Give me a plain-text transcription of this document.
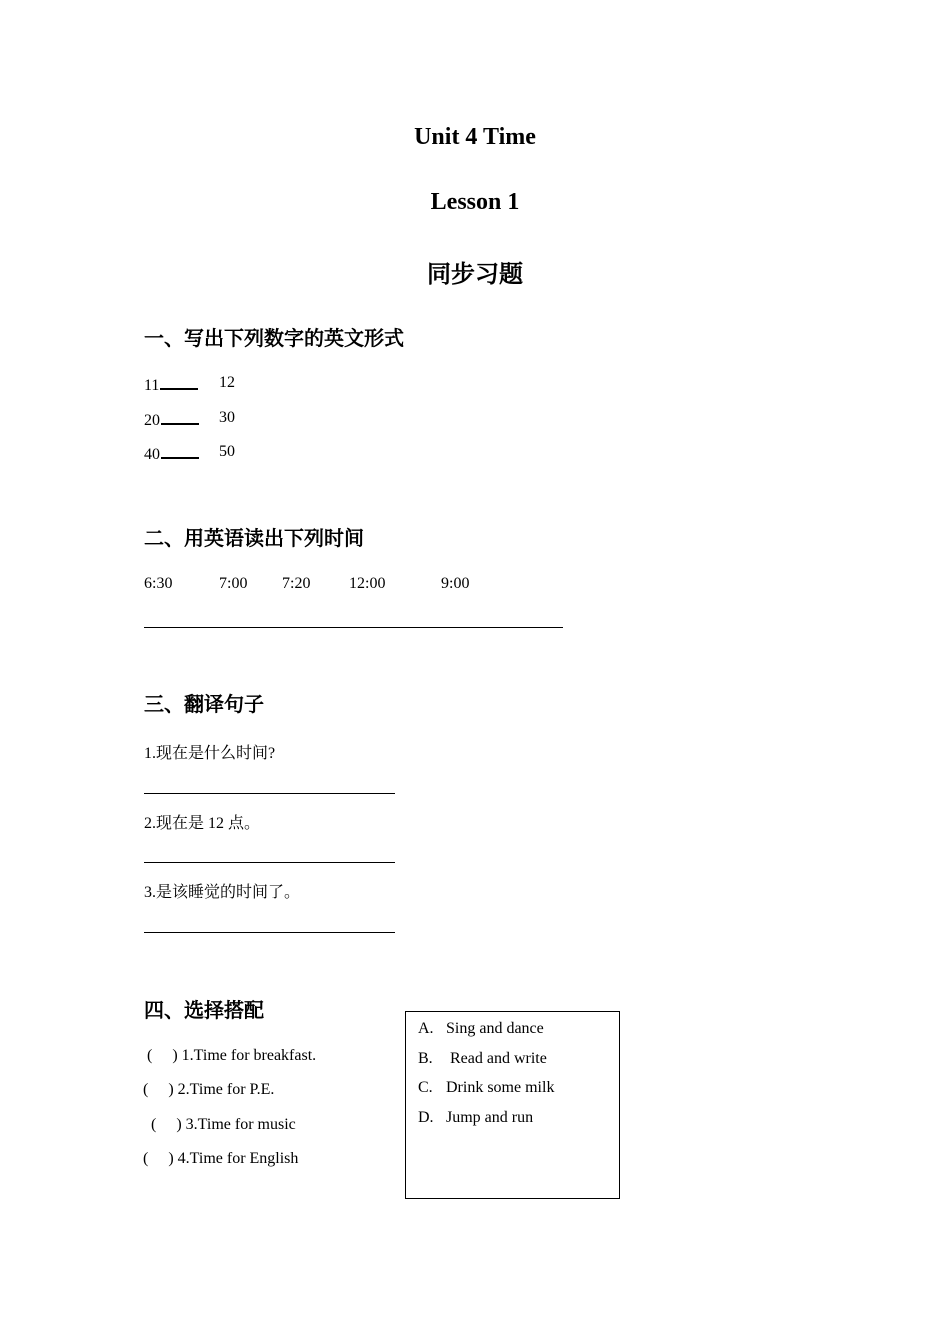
Unit 4 Time
Lesson 1
同步习题
一、写出下列数字的英文形式
11	12
20	30
40	50
二、用英语读出下列时间
6:30	7:00 7:20 12:00	9:00
三、翻译句子
1.现在是什么时间?
2.现在是 12 点。
3.是该睡觉的时间了。
四、选择搭配
(     ) 1.Time for breakfast.
(     ) 2.Time for P.E.
(     ) 3.Time for music
(     ) 4.Time for English
A. Sing and dance
B. Read and write
C. Drink some milk
D. Jump and run
